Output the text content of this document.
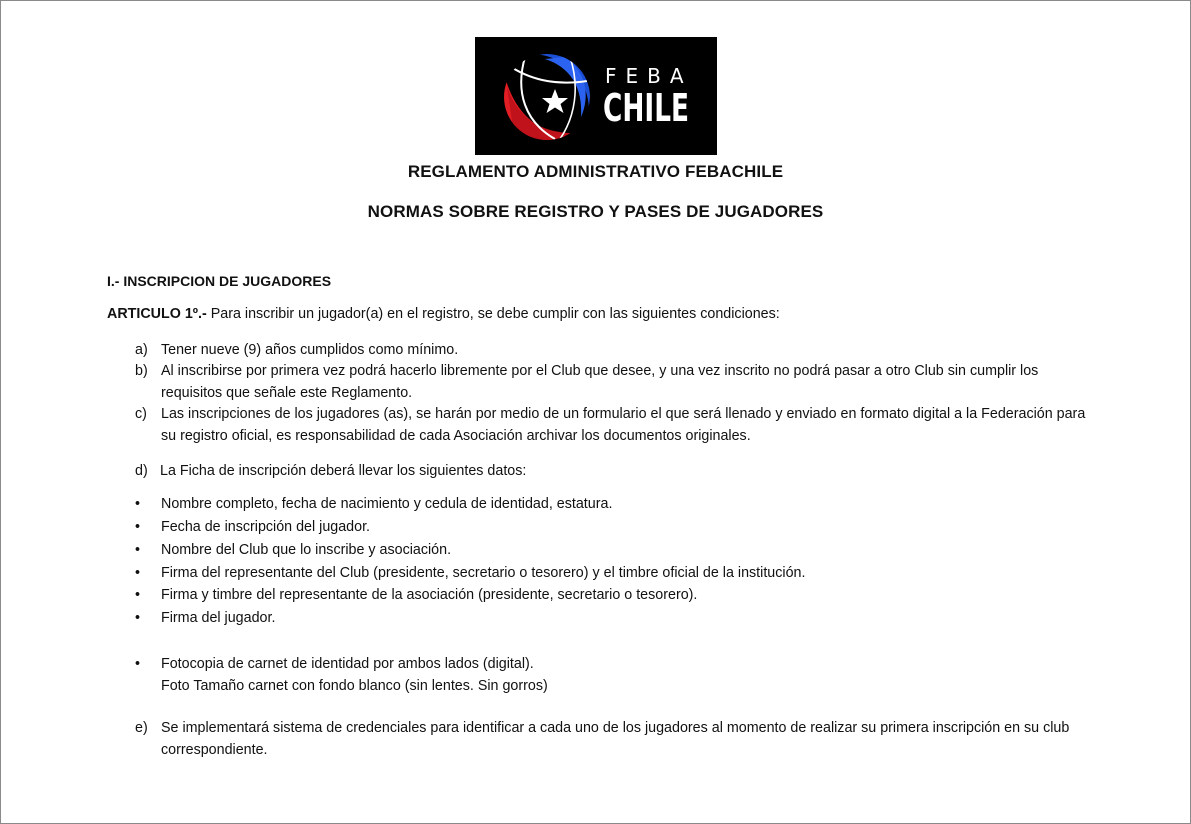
FEBA
CHILE
REGLAMENTO ADMINISTRATIVO FEBACHILE
NORMAS SOBRE REGISTRO Y PASES DE JUGADORES
I.- INSCRIPCION DE JUGADORES
ARTICULO 1º.- Para inscribir un jugador(a) en el registro, se debe cumplir con las siguientes condiciones:
a) Tener nueve (9) años cumplidos como mínimo.
b) Al inscribirse por primera vez podrá hacerlo libremente por el Club que desee, y una vez inscrito no podrá pasar a otro Club sin cumplir los requisitos que señale este Reglamento.
c) Las inscripciones de los jugadores (as), se harán por medio de un formulario el que será llenado y enviado en formato digital a la Federación para su registro oficial, es responsabilidad de cada Asociación archivar los documentos originales.
d) La Ficha de inscripción deberá llevar los siguientes datos:
• Nombre completo, fecha de nacimiento y cedula de identidad, estatura.
• Fecha de inscripción del jugador.
• Nombre del Club que lo inscribe y asociación.
• Firma del representante del Club (presidente, secretario o tesorero) y el timbre oficial de la institución.
• Firma y timbre del representante de la asociación (presidente, secretario o tesorero).
• Firma del jugador.
• Fotocopia de carnet de identidad por ambos lados (digital).
Foto Tamaño carnet con fondo blanco (sin lentes. Sin gorros)
e) Se implementará sistema de credenciales para identificar a cada uno de los jugadores al momento de realizar su primera inscripción en su club correspondiente.
